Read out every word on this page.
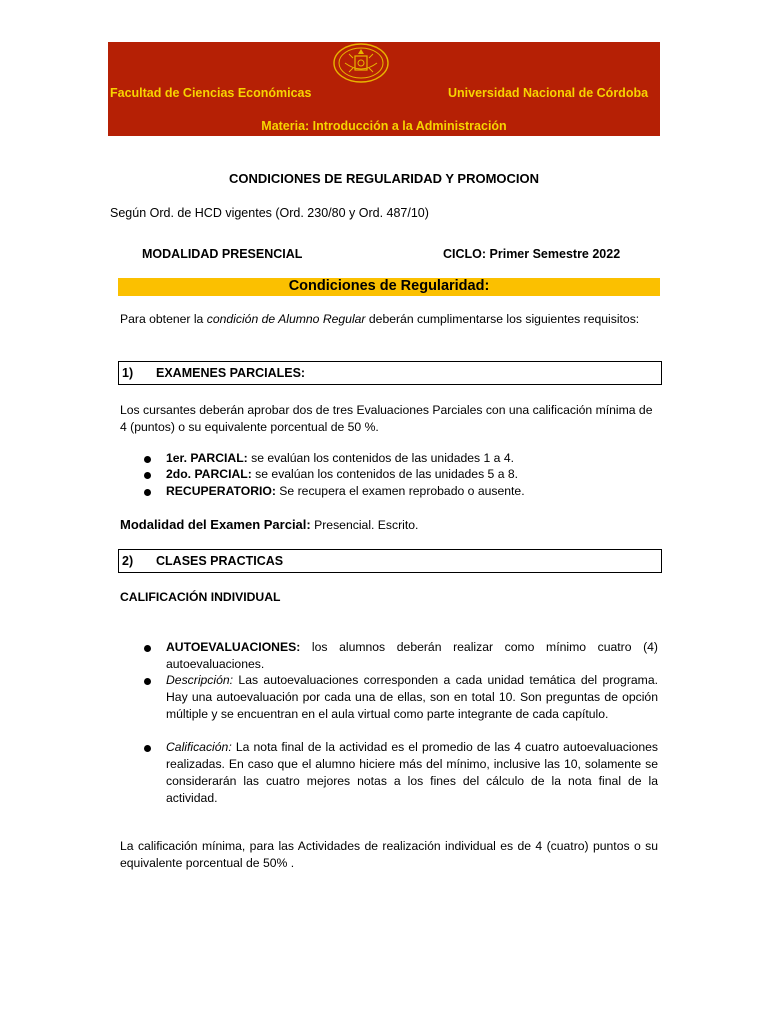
Facultad de Ciencias Económicas	Universidad Nacional de Córdoba
Materia: Introducción a la Administración
CONDICIONES DE REGULARIDAD Y PROMOCION
Según Ord. de HCD vigentes (Ord. 230/80 y Ord. 487/10)
MODALIDAD PRESENCIAL	CICLO: Primer Semestre 2022
Condiciones de Regularidad:
Para obtener la condición de Alumno Regular deberán cumplimentarse los siguientes requisitos:
1) EXAMENES PARCIALES:
Los cursantes deberán aprobar dos de tres Evaluaciones Parciales con una calificación mínima de 4 (puntos) o su equivalente porcentual de 50 %.
1er. PARCIAL: se evalúan los contenidos de las unidades 1 a 4.
2do. PARCIAL: se evalúan los contenidos de las unidades 5 a 8.
RECUPERATORIO: Se recupera el examen reprobado o ausente.
Modalidad del Examen Parcial: Presencial. Escrito.
2) CLASES PRACTICAS
CALIFICACIÓN INDIVIDUAL
AUTOEVALUACIONES: los alumnos deberán realizar como mínimo cuatro (4) autoevaluaciones.
Descripción: Las autoevaluaciones corresponden a cada unidad temática del programa. Hay una autoevaluación por cada una de ellas, son en total 10. Son preguntas de opción múltiple y se encuentran en el aula virtual como parte integrante de cada capítulo.
Calificación: La nota final de la actividad es el promedio de las 4 cuatro autoevaluaciones realizadas. En caso que el alumno hiciere más del mínimo, inclusive las 10, solamente se considerarán las cuatro mejores notas a los fines del cálculo de la nota final de la actividad.
La calificación mínima, para las Actividades de realización individual es de 4 (cuatro) puntos o su equivalente porcentual de 50% .
